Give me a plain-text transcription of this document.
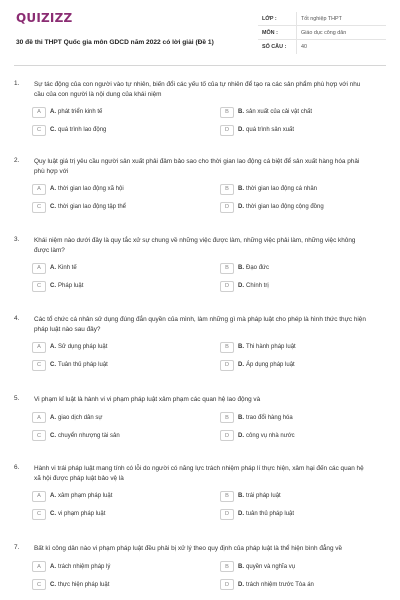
QUIZIZZ
30 đề thi THPT Quốc gia môn GDCD năm 2022 có lời giải (Đề 1)
LỚP :	Tốt nghiệp THPT
MÔN :	Giáo dục công dân
SỐ CÂU :	40
1.	Sự tác động của con người vào tự nhiên, biến đổi các yếu tố của tự nhiên để tạo ra các sản phẩm phù hợp với nhu cầu của con người là nội dung của khái niệm
A	A. phát triển kinh tế	B	B. sản xuất của cải vật chất
C	C. quá trình lao động	D	D. quá trình sản xuất
2.	Quy luật giá trị yêu cầu người sản xuất phải đảm bảo sao cho thời gian lao động cá biệt để sản xuất hàng hóa phải phù hợp với
A	A. thời gian lao động xã hội	B	B. thời gian lao động cá nhân
C	C. thời gian lao động tập thể	D	D. thời gian lao động cộng đồng
3.	Khái niệm nào dưới đây là quy tắc xử sự chung về những việc được làm, những việc phải làm, những việc không được làm?
A	A. Kinh tế	B	B. Đạo đức
C	C. Pháp luật	D	D. Chính trị
4.	Các tổ chức cá nhân sử dụng đúng đắn quyền của mình, làm những gì mà pháp luật cho phép là hình thức thực hiện pháp luật nào sau đây?
A	A. Sử dụng pháp luật	B	B. Thi hành pháp luật
C	C. Tuân thủ pháp luật	D	D. Áp dụng pháp luật
5.	Vi phạm kỉ luật là hành vi vi phạm pháp luật xâm phạm các quan hệ lao động và
A	A. giao dịch dân sự	B	B. trao đổi hàng hóa
C	C. chuyển nhượng tài sản	D	D. công vụ nhà nước
6.	Hành vi trái pháp luật mang tính có lỗi do người có năng lực trách nhiệm pháp lí thực hiện, xâm hại đến các quan hệ xã hội được pháp luật bảo vệ là
A	A. xâm phạm pháp luật	B	B. trái pháp luật
C	C. vi phạm pháp luật	D	D. tuân thủ pháp luật
7.	Bất kì công dân nào vi phạm pháp luật đều phải bị xử lý theo quy định của pháp luật là thể hiện bình đẳng về
A	A. trách nhiệm pháp lý	B	B. quyền và nghĩa vụ
C	C. thực hiện pháp luật	D	D. trách nhiệm trước Tòa án
